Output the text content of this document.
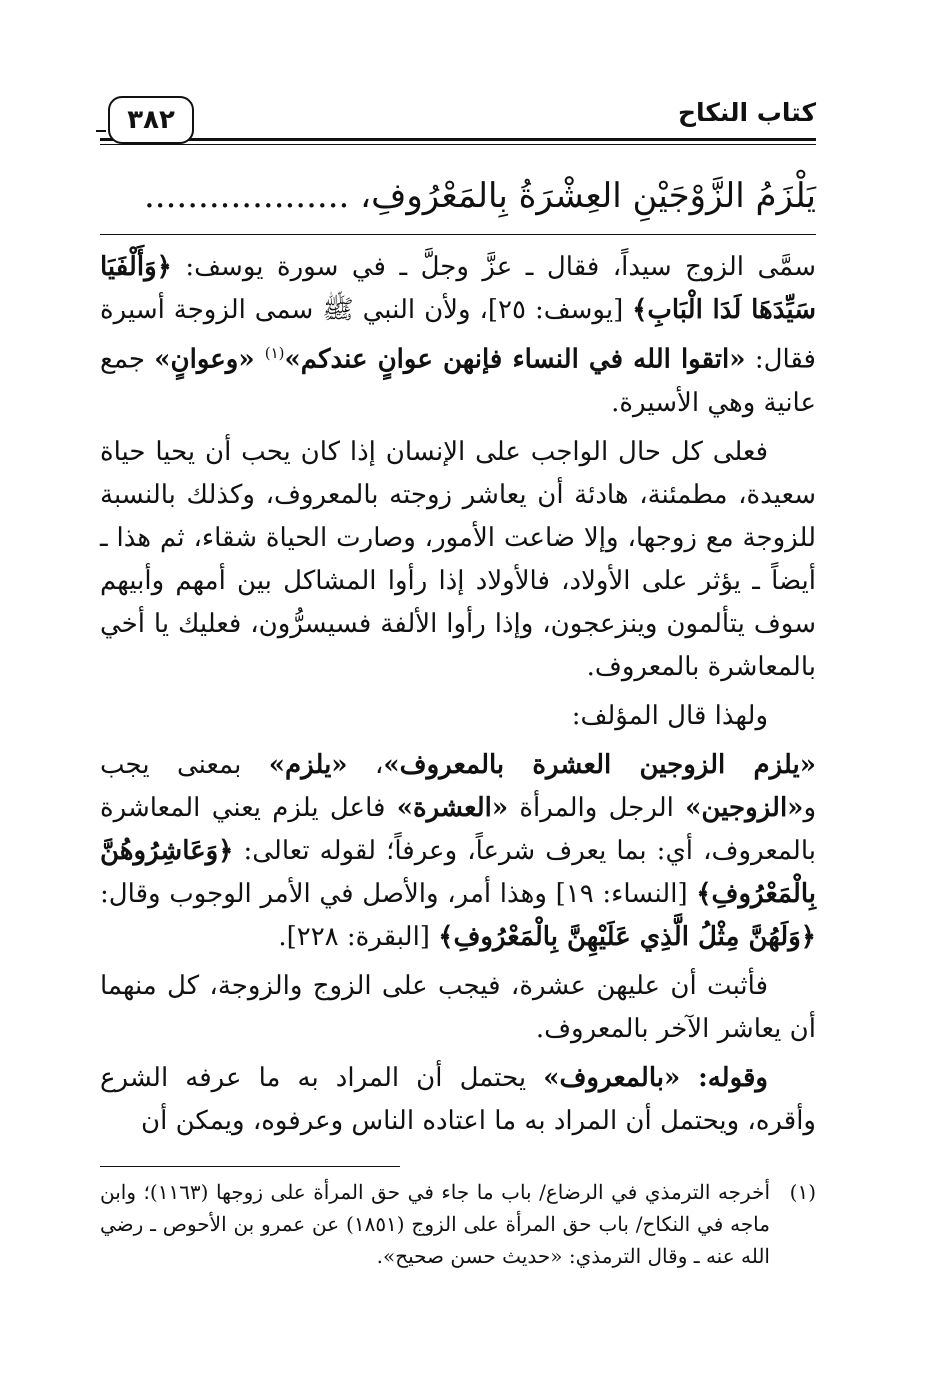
كتاب النكاح
٣٨٢
يَلْزَمُ الزَّوْجَيْنِ العِشْرَةُ بِالمَعْرُوفِ، ...................

سمَّى الزوج سيداً، فقال ـ عزَّ وجلَّ ـ في سورة يوسف: ﴿وَأَلْفَيَا سَيِّدَهَا لَدَا الْبَابِ﴾ [يوسف: ٢٥]، ولأن النبي ﷺ سمى الزوجة أسيرة فقال: «اتقوا الله في النساء فإنهن عوانٍ عندكم»$^{(١)}$ «وعوانٍ» جمع عانية وهي الأسيرة.

فعلى كل حال الواجب على الإنسان إذا كان يحب أن يحيا حياة سعيدة، مطمئنة، هادئة أن يعاشر زوجته بالمعروف، وكذلك بالنسبة للزوجة مع زوجها، وإلا ضاعت الأمور، وصارت الحياة شقاء، ثم هذا ـ أيضاً ـ يؤثر على الأولاد، فالأولاد إذا رأوا المشاكل بين أمهم وأبيهم سوف يتألمون وينزعجون، وإذا رأوا الألفة فسيسرُّون، فعليك يا أخي بالمعاشرة بالمعروف.

ولهذا قال المؤلف:

«يلزم الزوجين العشرة بالمعروف»، «يلزم» بمعنى يجب و«الزوجين» الرجل والمرأة «العشرة» فاعل يلزم يعني المعاشرة بالمعروف، أي: بما يعرف شرعاً، وعرفاً؛ لقوله تعالى: ﴿وَعَاشِرُوهُنَّ بِالْمَعْرُوفِ﴾ [النساء: ١٩] وهذا أمر، والأصل في الأمر الوجوب وقال: ﴿وَلَهُنَّ مِثْلُ الَّذِي عَلَيْهِنَّ بِالْمَعْرُوفِ﴾ [البقرة: ٢٢٨].

فأثبت أن عليهن عشرة، فيجب على الزوج والزوجة، كل منهما أن يعاشر الآخر بالمعروف.

وقوله: «بالمعروف» يحتمل أن المراد به ما عرفه الشرع وأقره، ويحتمل أن المراد به ما اعتاده الناس وعرفوه، ويمكن أن

(١)
أخرجه الترمذي في الرضاع/ باب ما جاء في حق المرأة على زوجها (١١٦٣)؛ وابن ماجه في النكاح/ باب حق المرأة على الزوج (١٨٥١) عن عمرو بن الأحوص ـ رضي الله عنه ـ وقال الترمذي: «حديث حسن صحيح».
